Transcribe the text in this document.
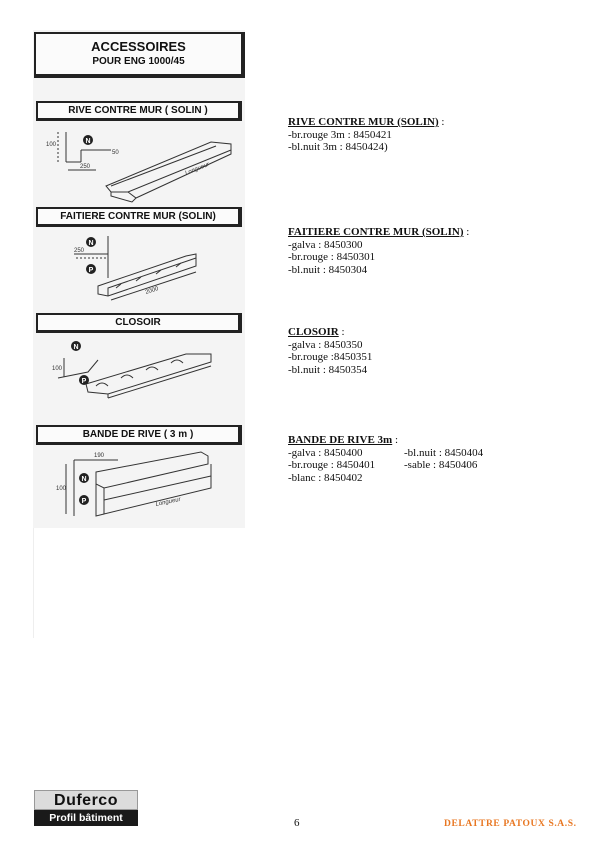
ACCESSOIRES
POUR ENG 1000/45
RIVE CONTRE MUR ( SOLIN )
N
100
50
250	Longueur
FAITIERE CONTRE MUR (SOLIN)
N
P
250
2000
CLOSOIR
N
P
100
BANDE DE RIVE ( 3 m )
N
P
190
100
Longueur
RIVE CONTRE MUR (SOLIN) :
-br.rouge 3m : 8450421
-bl.nuit 3m : 8450424)
FAITIERE CONTRE MUR (SOLIN) :
-galva : 8450300
-br.rouge : 8450301
-bl.nuit : 8450304
CLOSOIR :
-galva : 8450350
-br.rouge :8450351
-bl.nuit : 8450354
BANDE DE RIVE 3m :
-galva : 8450400	-bl.nuit : 8450404
-br.rouge : 8450401	-sable : 8450406
-blanc : 8450402
Duferco
Profil bâtiment	6	DELATTRE PATOUX S.A.S.
